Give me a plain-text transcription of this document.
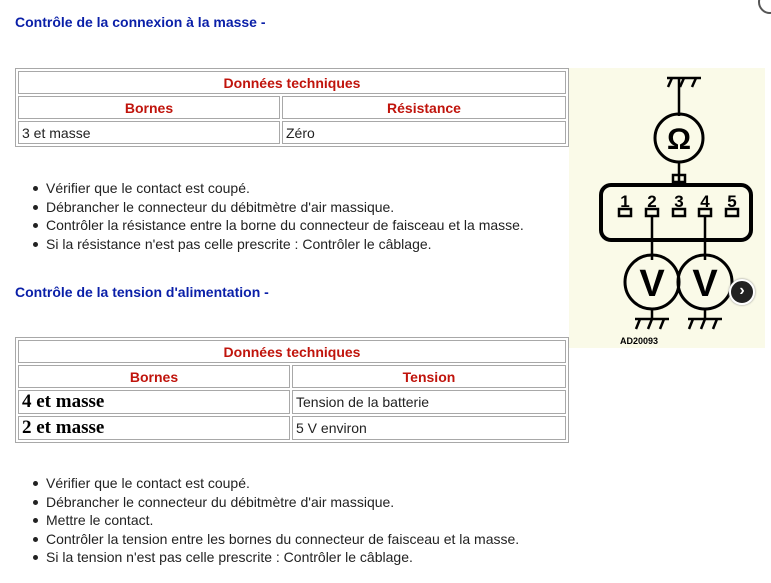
Contrôle de la connexion à la masse -
Données techniques	
Bornes	Résistance
3 et masse	Zéro
Vérifier que le contact est coupé.
Débrancher le connecteur du débitmètre d'air massique.
Contrôler la résistance entre la borne du connecteur de faisceau et la masse.
Si la résistance n'est pas celle prescrite : Contrôler le câblage.
Contrôle de la tension d'alimentation -
Données techniques	
Bornes	Tension
4 et masse	Tension de la batterie
2 et masse	5 V environ
Vérifier que le contact est coupé.
Débrancher le connecteur du débitmètre d'air massique.
Mettre le contact.
Contrôler la tension entre les bornes du connecteur de faisceau et la masse.
Si la tension n'est pas celle prescrite : Contrôler le câblage.
Ω
1 2 3 4 5
V V
AD20093
›
